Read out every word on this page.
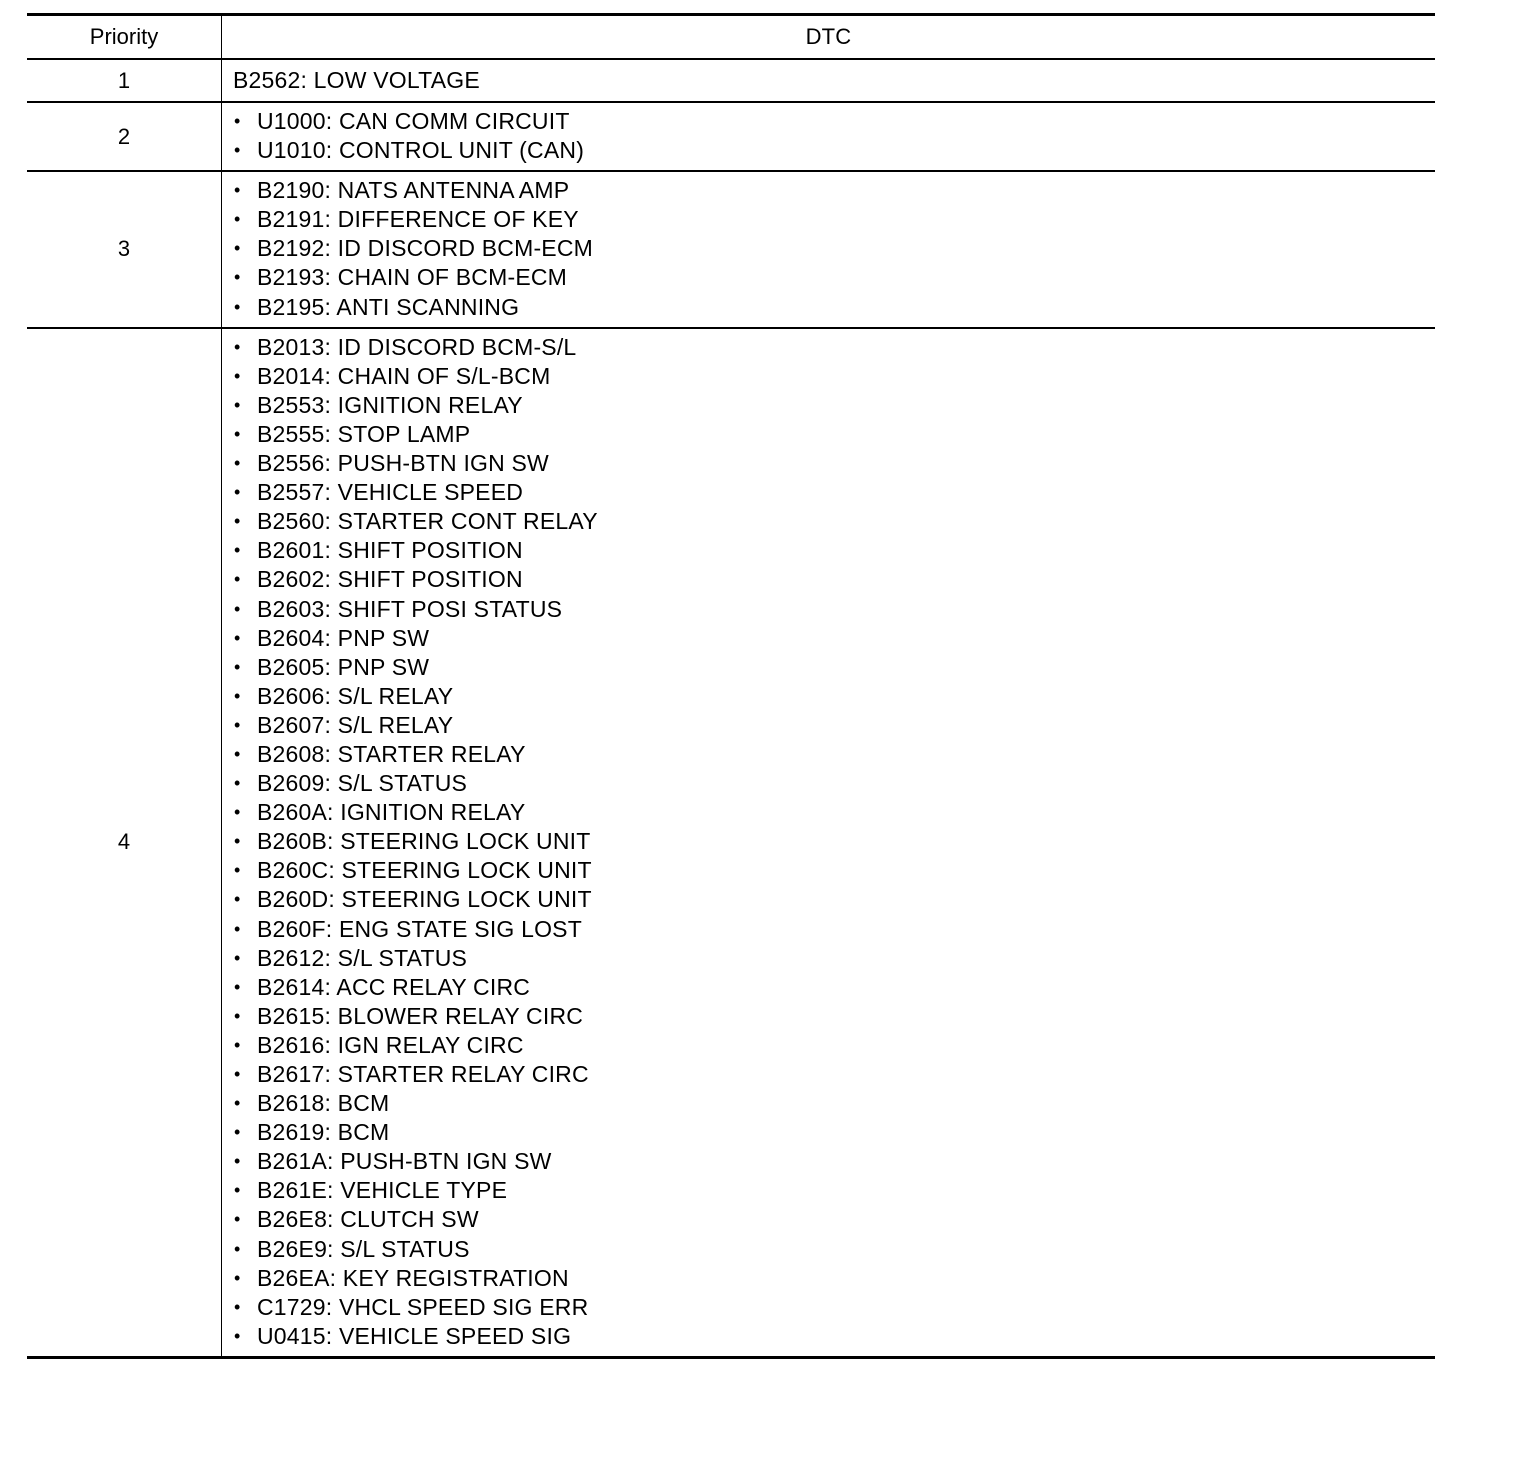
Priority	DTC
1	B2562: LOW VOLTAGE
2
• U1000: CAN COMM CIRCUIT
• U1010: CONTROL UNIT (CAN)
3
• B2190: NATS ANTENNA AMP
• B2191: DIFFERENCE OF KEY
• B2192: ID DISCORD BCM-ECM
• B2193: CHAIN OF BCM-ECM
• B2195: ANTI SCANNING
4
• B2013: ID DISCORD BCM-S/L
• B2014: CHAIN OF S/L-BCM
• B2553: IGNITION RELAY
• B2555: STOP LAMP
• B2556: PUSH-BTN IGN SW
• B2557: VEHICLE SPEED
• B2560: STARTER CONT RELAY
• B2601: SHIFT POSITION
• B2602: SHIFT POSITION
• B2603: SHIFT POSI STATUS
• B2604: PNP SW
• B2605: PNP SW
• B2606: S/L RELAY
• B2607: S/L RELAY
• B2608: STARTER RELAY
• B2609: S/L STATUS
• B260A: IGNITION RELAY
• B260B: STEERING LOCK UNIT
• B260C: STEERING LOCK UNIT
• B260D: STEERING LOCK UNIT
• B260F: ENG STATE SIG LOST
• B2612: S/L STATUS
• B2614: ACC RELAY CIRC
• B2615: BLOWER RELAY CIRC
• B2616: IGN RELAY CIRC
• B2617: STARTER RELAY CIRC
• B2618: BCM
• B2619: BCM
• B261A: PUSH-BTN IGN SW
• B261E: VEHICLE TYPE
• B26E8: CLUTCH SW
• B26E9: S/L STATUS
• B26EA: KEY REGISTRATION
• C1729: VHCL SPEED SIG ERR
• U0415: VEHICLE SPEED SIG
